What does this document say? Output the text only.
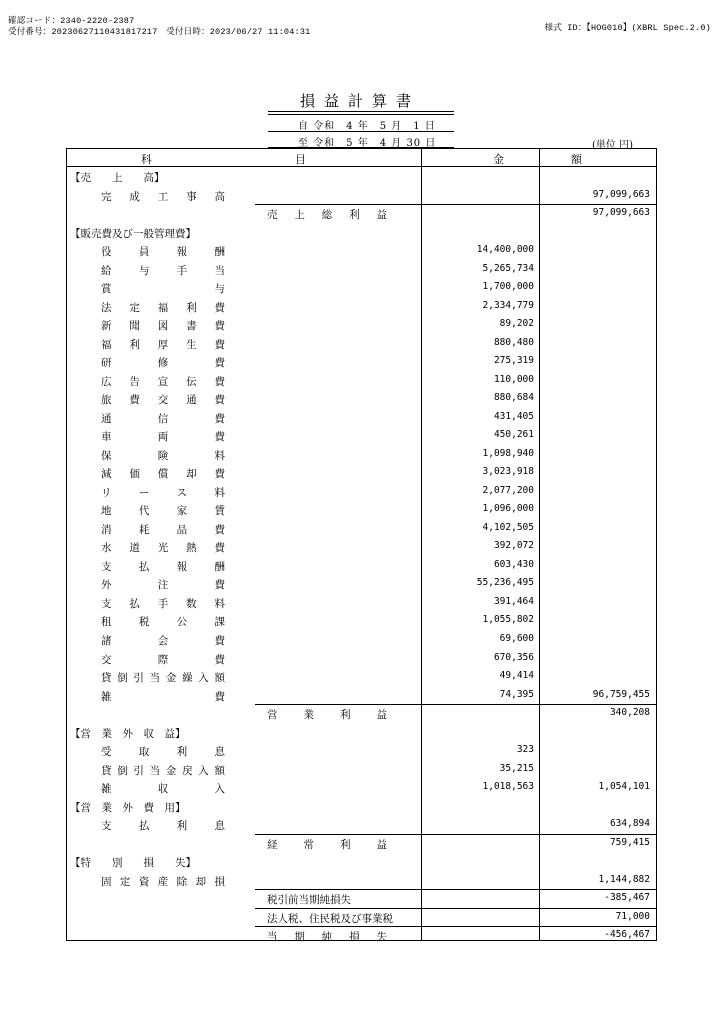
確認コード：2340-2220-2387
受付番号：20230627110431817217　受付日時：2023/06/27 11:04:31	様式 ID：【HOG010】(XBRL Spec.2.0)
損益計算書
自 令和　4 年　5 月　1 日
至 令和　5 年　4 月 30 日	(単位 円)
科	目	金	額
【売　　上　　高】
完成工事高	97,099,663
売上総利益	97,099,663
【販売費及び一般管理費】
役員報酬	14,400,000
給与手当	5,265,734
賞与	1,700,000
法定福利費	2,334,779
新聞図書費	89,202
福利厚生費	880,480
研修費	275,319
広告宣伝費	110,000
旅費交通費	880,684
通信費	431,405
車両費	450,261
保険料	1,098,940
減価償却費	3,023,918
リース料	2,077,200
地代家賃	1,096,000
消耗品費	4,102,505
水道光熱費	392,072
支払報酬	603,430
外注費	55,236,495
支払手数料	391,464
租税公課	1,055,802
諸会費	69,600
交際費	670,356
貸倒引当金繰入額	49,414
雑費	74,395	96,759,455
営業利益	340,208
【営　業　外　収　益】
受取利息	323
貸倒引当金戻入額	35,215
雑収入	1,018,563	1,054,101
【営　業　外　費　用】
支払利息	634,894
経常利益	759,415
【特　　別　　損　　失】
固定資産除却損	1,144,882
税引前当期純損失	-385,467
法人税、住民税及び事業税	71,000
当期純損失	-456,467
